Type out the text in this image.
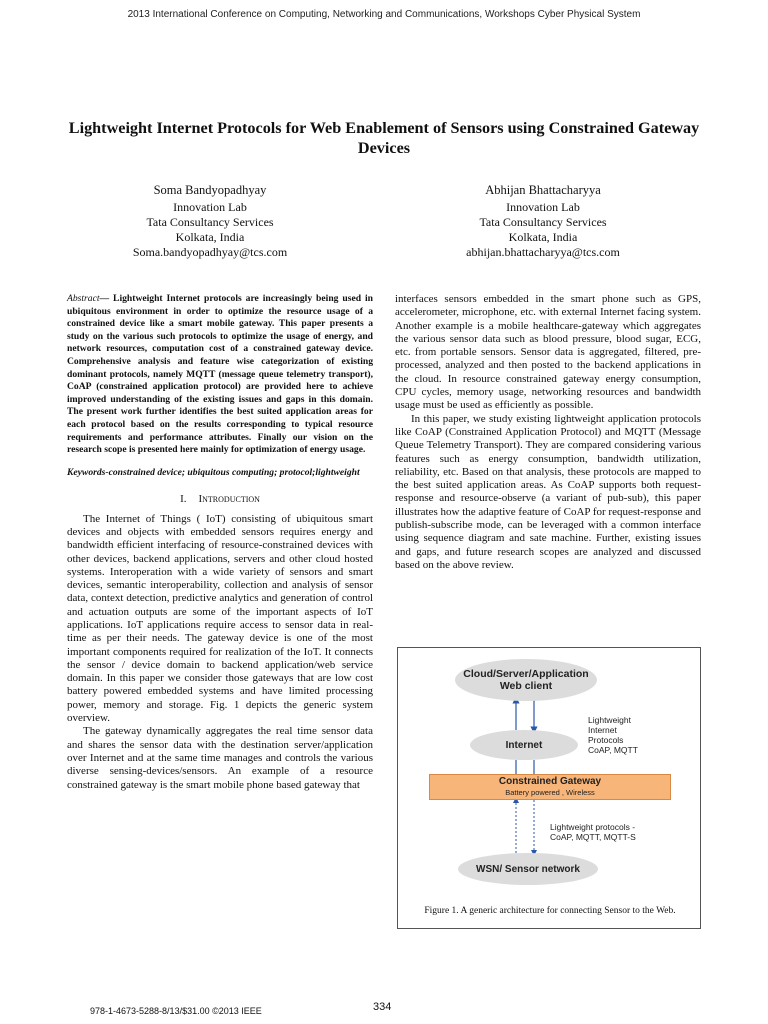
2013 International Conference on Computing, Networking and Communications, Workshops Cyber Physical System
Lightweight Internet Protocols for Web Enablement of Sensors using Constrained Gateway Devices
Soma Bandyopadhyay
Innovation Lab
Tata Consultancy Services
Kolkata, India
Soma.bandyopadhyay@tcs.com
Abhijan Bhattacharyya
Innovation Lab
Tata Consultancy Services
Kolkata, India
abhijan.bhattacharyya@tcs.com
Abstract— Lightweight Internet protocols are increasingly being used in ubiquitous environment in order to optimize the resource usage of a constrained device like a smart mobile gateway. This paper presents a study on the various such protocols to optimize the usage of energy, and network resources, computation cost of a constrained gateway device. Comprehensive analysis and feature wise categorization of existing dominant protocols, namely MQTT (message queue telemetry transport), CoAP (constrained application protocol) are provided here to achieve improved understanding of the existing issues and gaps in this domain. The present work further identifies the best suited application areas for each protocol based on the results corresponding to typical resource requirements and performance attributes. Finally our vision on the research scope is presented here mainly for optimization of energy usage.
Keywords-constrained device; ubiquitous computing; protocol;lightweight
I. Introduction

The Internet of Things ( IoT) consisting of ubiquitous smart devices and objects with embedded sensors requires energy and bandwidth efficient interfacing of resource-constrained devices with other devices, backend applications, servers and other cloud hosted systems. Interoperation with a wide variety of sensors and smart devices, semantic interoperability, collection and analysis of sensor data, context detection, predictive analytics and generation of control and actuation outputs are some of the important aspects of IoT applications. IoT applications require access to sensor data in real-time as per their needs. The gateway device is one of the most important components required for realization of the IoT. It connects the sensor / device domain to backend application/web service domain. In this paper we consider those gateways that are low cost battery powered embedded systems and have limited processing power, memory and storage. Fig. 1 depicts the generic system overview.

The gateway dynamically aggregates the real time sensor data and shares the sensor data with the destination server/application over Internet and at the same time manages and controls the various diverse sensing-devices/sensors. An example of a resource constrained gateway is the smart mobile phone based gateway that

interfaces sensors embedded in the smart phone such as GPS, accelerometer, microphone, etc. with external Internet facing system. Another example is a mobile healthcare-gateway which aggregates the various sensor data such as blood pressure, blood sugar, ECG, etc. from portable sensors. Sensor data is aggregated, filtered, pre-processed, analyzed and then posted to the backend applications in the cloud. In resource constrained gateway energy consumption, CPU cycles, memory usage, networking resources and bandwidth usage must be used as efficiently as possible.

In this paper, we study existing lightweight application protocols like CoAP (Constrained Application Protocol) and MQTT (Message Queue Telemetry Transport). They are compared considering various features such as energy consumption, bandwidth utilization, reliability, etc. Based on that analysis, these protocols are mapped to the best suited application areas. As CoAP supports both request-response and resource-observe (a variant of pub-sub), this paper illustrates how the adaptive feature of CoAP for request-response and publish-subscribe mode, can be leveraged with a common interface using sequence diagram and sate machine. Further, existing issues and gaps, and future research scopes are analyzed and discussed based on the above review.

Cloud/Server/Application
Web client
Lightweight
Internet
Protocols
CoAP, MQTT
Internet
Constrained Gateway
Battery powered , Wireless
Lightweight protocols -
CoAP, MQTT, MQTT-S
WSN/ Sensor network
Figure 1. A generic architecture for connecting Sensor to the Web.
978-1-4673-5288-8/13/$31.00 ©2013 IEEE	334
